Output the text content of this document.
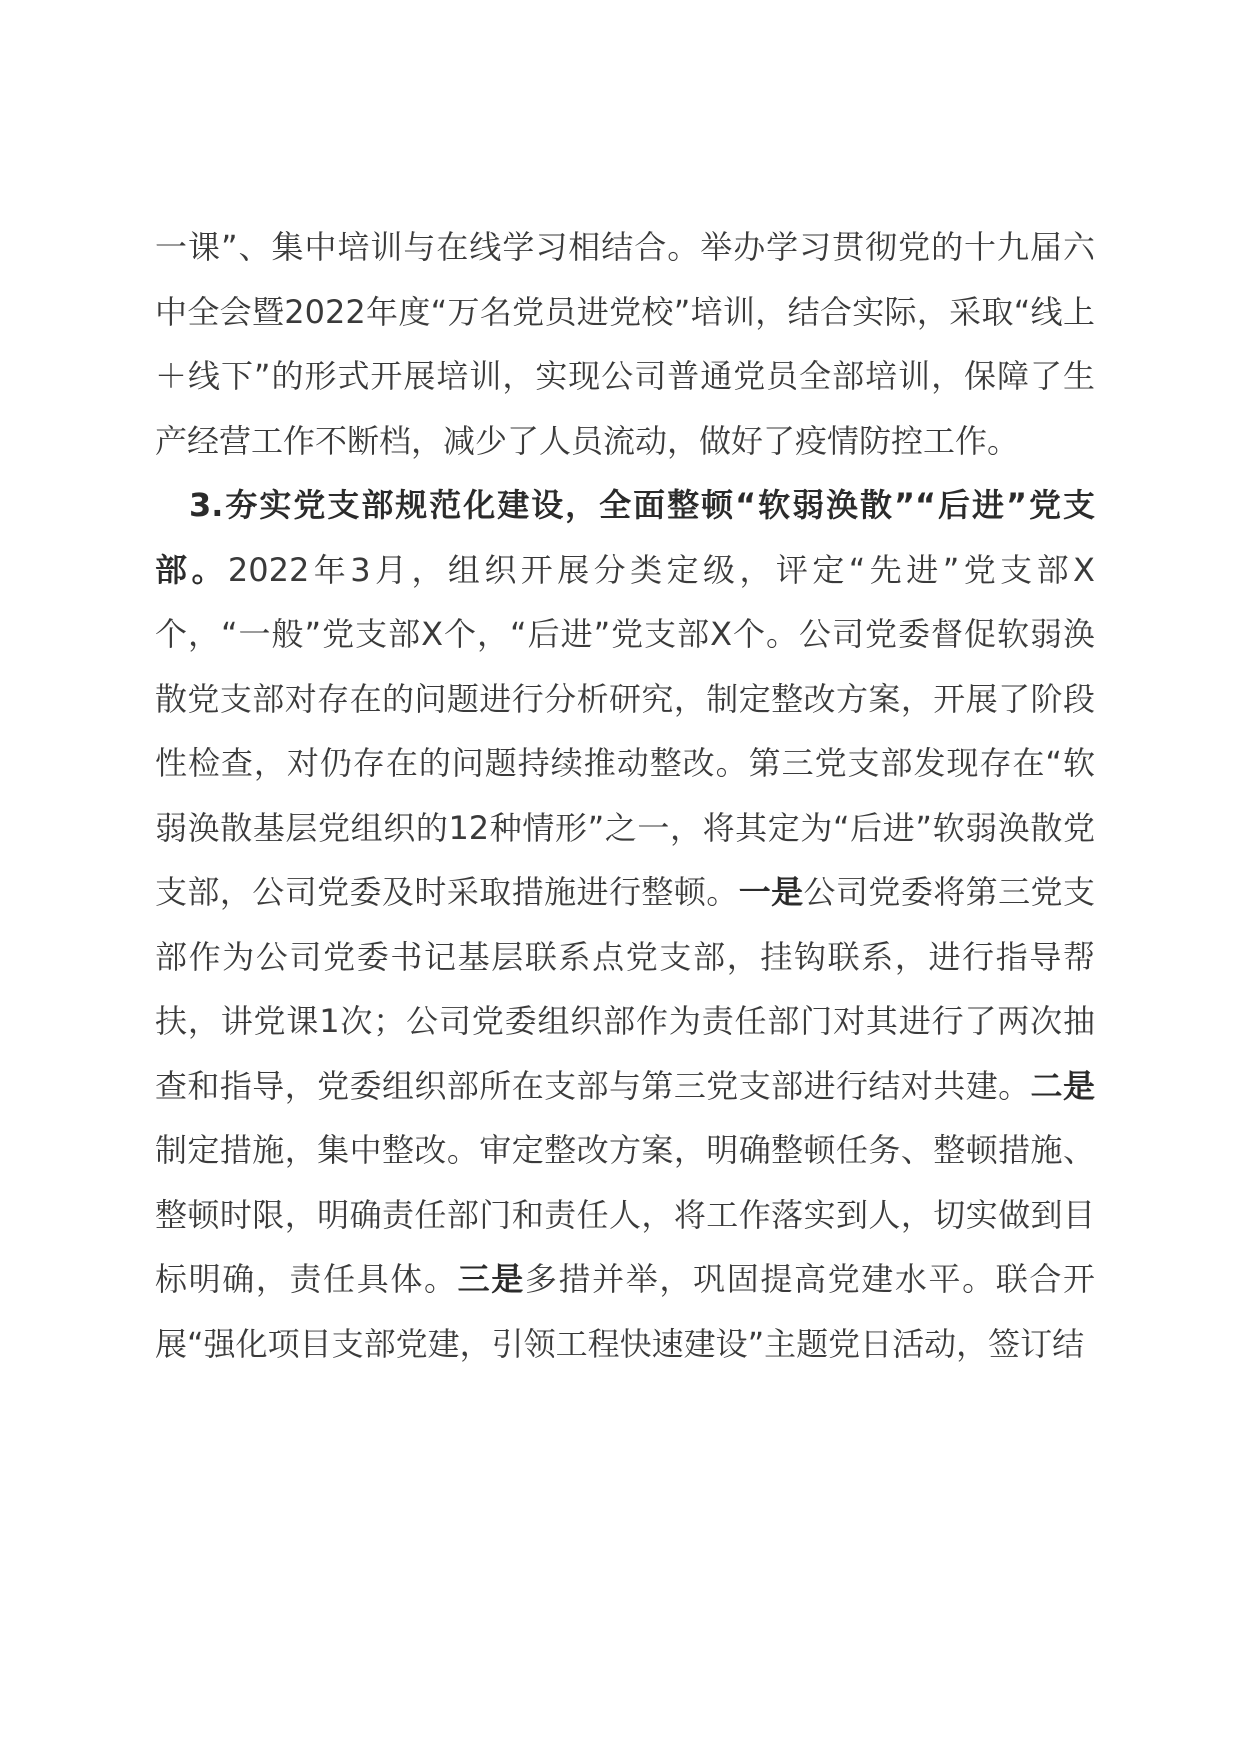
一课”、集中培训与在线学习相结合。举办学习贯彻党的十九届六中全会暨2022年度“万名党员进党校”培训，结合实际，采取“线上＋线下”的形式开展培训，实现公司普通党员全部培训，保障了生产经营工作不断档，减少了人员流动，做好了疫情防控工作。

3.夯实党支部规范化建设，全面整顿“软弱涣散”“后进”党支部。2022年3月，组织开展分类定级，评定“先进”党支部X个，“一般”党支部X个，“后进”党支部X个。公司党委督促软弱涣散党支部对存在的问题进行分析研究，制定整改方案，开展了阶段性检查，对仍存在的问题持续推动整改。第三党支部发现存在“软弱涣散基层党组织的12种情形”之一，将其定为“后进”软弱涣散党支部，公司党委及时采取措施进行整顿。一是公司党委将第三党支部作为公司党委书记基层联系点党支部，挂钩联系，进行指导帮扶，讲党课1次；公司党委组织部作为责任部门对其进行了两次抽查和指导，党委组织部所在支部与第三党支部进行结对共建。二是制定措施，集中整改。审定整改方案，明确整顿任务、整顿措施、整顿时限，明确责任部门和责任人，将工作落实到人，切实做到目标明确，责任具体。三是多措并举，巩固提高党建水平。联合开展“强化项目支部党建，引领工程快速建设”主题党日活动，签订结
